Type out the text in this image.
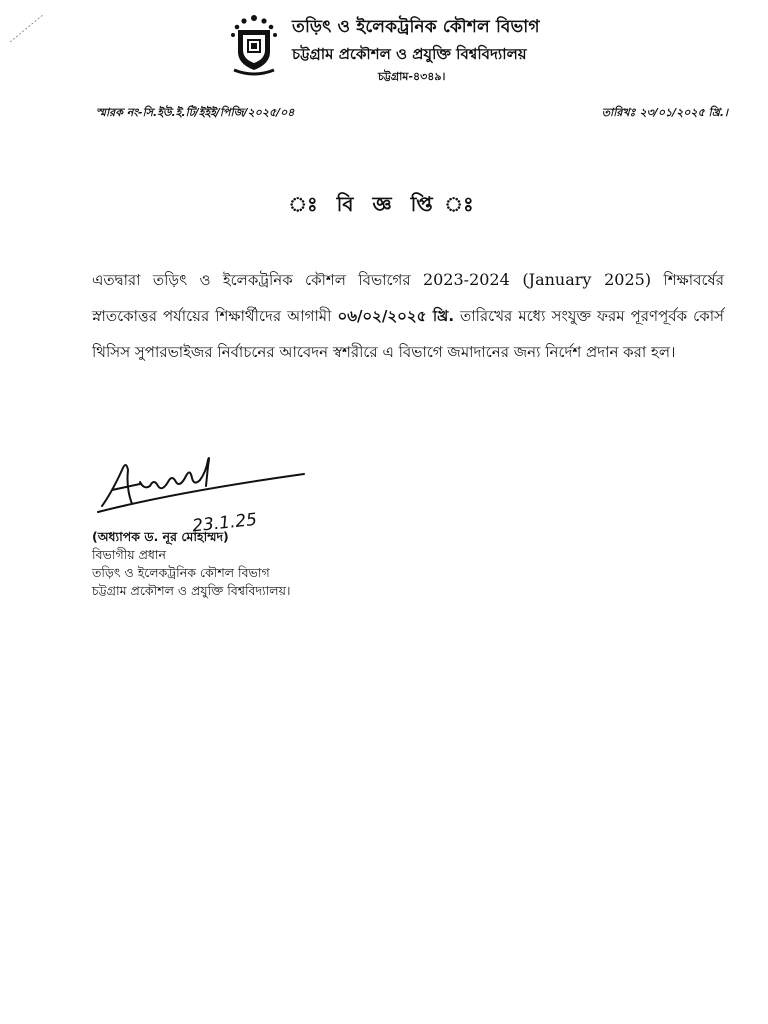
তড়িৎ ও ইলেকট্রনিক কৌশল বিভাগ
চট্টগ্রাম প্রকৌশল ও প্রযুক্তি বিশ্ববিদ্যালয়
চট্টগ্রাম-৪৩৪৯।
স্মারক নং-সি.ইউ.ই.টি/ইইই/পিজি/২০২৫/০৪	তারিখঃ ২৩/০১/২০২৫ খ্রি.।
ঃ বি জ্ঞ প্তি ঃ
এতদ্বারা তড়িৎ ও ইলেকট্রনিক কৌশল বিভাগের 2023-2024 (January 2025) শিক্ষাবর্ষের স্নাতকোত্তর পর্যায়ের শিক্ষার্থীদের আগামী ০৬/০২/২০২৫ খ্রি. তারিখের মধ্যে সংযুক্ত ফরম পূরণপূর্বক কোর্স থিসিস সুপারভাইজর নির্বাচনের আবেদন স্বশরীরে এ বিভাগে জমাদানের জন্য নির্দেশ প্রদান করা হল।
23.1.25
(অধ্যাপক ড. নূর মোহাম্মদ)
বিভাগীয় প্রধান
তড়িৎ ও ইলেকট্রনিক কৌশল বিভাগ
চট্টগ্রাম প্রকৌশল ও প্রযুক্তি বিশ্ববিদ্যালয়।
